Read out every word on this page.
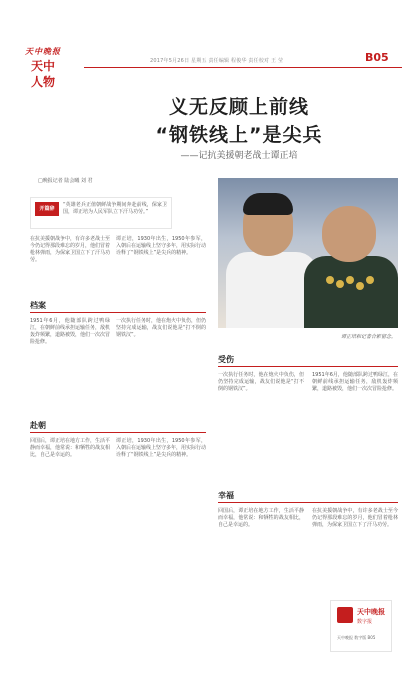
天中晚报
天中
人物
2017年5月26日 星期五 责任编辑 程俊华 责任校对 王 莹	B05
义无反顾上前线
“钢铁线上”是尖兵
——记抗美援朝老战士谭正培
□晚报记者 陆会曦 刘 君
开篇辞
“英雄老兵正值朝鲜战争期间奔赴前线，保家卫国，谭正培为人民军队立下汗马功劳。”
在抗美援朝战争中，有许多老战士至今仍记得那段难忘的岁月，他们冒着枪林弹雨，为保家卫国立下了汗马功劳。
谭正培，1930年出生，1950年参军，入朝后在运输线上坚守多年，用实际行动诠释了“钢铁线上”是尖兵的精神。
档案
1951年6月，他随部队跨过鸭绿江，在朝鲜前线承担运输任务，敌机轰炸频繁，道路被毁，他们一次次冒险抢修。
一次执行任务时，他在炮火中负伤，但仍坚持完成运输，战友们说他是“打不倒的钢铁汉”。
赴朝
回国后，谭正培在地方工作，生活平静而幸福，他常说：和牺牲的战友相比，自己是幸运的。
谭正培，1930年出生，1950年参军，入朝后在运输线上坚守多年，用实际行动诠释了“钢铁线上”是尖兵的精神。
谭正培和记者合影留念。
受伤
一次执行任务时，他在炮火中负伤，但仍坚持完成运输，战友们说他是“打不倒的钢铁汉”。
1951年6月，他随部队跨过鸭绿江，在朝鲜前线承担运输任务，敌机轰炸频繁，道路被毁，他们一次次冒险抢修。
幸福
回国后，谭正培在地方工作，生活平静而幸福，他常说：和牺牲的战友相比，自己是幸运的。
在抗美援朝战争中，有许多老战士至今仍记得那段难忘的岁月，他们冒着枪林弹雨，为保家卫国立下了汗马功劳。
天中晚报
数字报
天中晚报 数字版 B05
